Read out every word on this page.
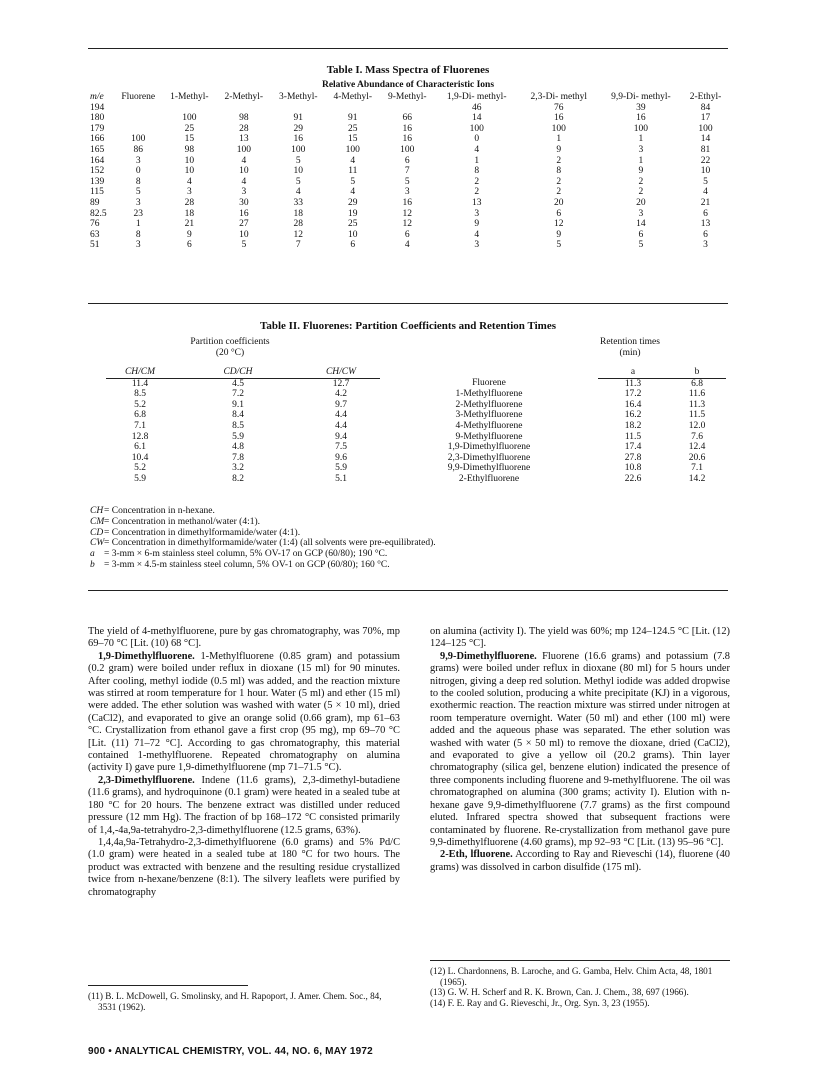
Table I. Mass Spectra of Fluorenes
Relative Abundance of Characteristic Ions
m/e	Fluorene	1-Methyl-	2-Methyl-	3-Methyl-	4-Methyl-	9-Methyl-	1,9-Di- methyl-	2,3-Di- methyl	9,9-Di- methyl-	2-Ethyl-
194							46	76	39	84
180		100	98	91	91	66	14	16	16	17
179		25	28	29	25	16	100	100	100	100
166	100	15	13	16	15	16	0	1	1	14
165	86	98	100	100	100	100	4	9	3	81
164	3	10	4	5	4	6	1	2	1	22
152	0	10	10	10	11	7	8	8	9	10
139	8	4	4	5	5	5	2	2	2	5
115	5	3	3	4	4	3	2	2	2	4
89	3	28	30	33	29	16	13	20	20	21
82.5	23	18	16	18	19	12	3	6	3	6
76	1	21	27	28	25	12	9	12	14	13
63	8	9	10	12	10	6	4	9	6	6
51	3	6	5	7	6	4	3	5	5	3
Table II. Fluorenes: Partition Coefficients and Retention Times
Partition coefficients
(20 °C)
Retention times
(min)
CH/CM	CD/CH	CH/CW		a	b
11.4	4.5	12.7	Fluorene	11.3	6.8
8.5	7.2	4.2	1-Methylfluorene	17.2	11.6
5.2	9.1	9.7	2-Methylfluorene	16.4	11.3
6.8	8.4	4.4	3-Methylfluorene	16.2	11.5
7.1	8.5	4.4	4-Methylfluorene	18.2	12.0
12.8	5.9	9.4	9-Methylfluorene	11.5	7.6
6.1	4.8	7.5	1,9-Dimethylfluorene	17.4	12.4
10.4	7.8	9.6	2,3-Dimethylfluorene	27.8	20.6
5.2	3.2	5.9	9,9-Dimethylfluorene	10.8	7.1
5.9	8.2	5.1	2-Ethylfluorene	22.6	14.2
CH= Concentration in n-hexane.
CM= Concentration in methanol/water (4:1).
CD= Concentration in dimethylformamide/water (4:1).
CW= Concentration in dimethylformamide/water (1:4) (all solvents were pre-equilibrated).
a = 3-mm × 6-m stainless steel column, 5% OV-17 on GCP (60/80); 190 °C.
b = 3-mm × 4.5-m stainless steel column, 5% OV-1 on GCP (60/80); 160 °C.

The yield of 4-methylfluorene, pure by gas chromatography, was 70%, mp 69–70 °C [Lit. (10) 68 °C].

1,9-Dimethylfluorene. 1-Methylfluorene (0.85 gram) and potassium (0.2 gram) were boiled under reflux in dioxane (15 ml) for 90 minutes. After cooling, methyl iodide (0.5 ml) was added, and the reaction mixture was stirred at room temperature for 1 hour. Water (5 ml) and ether (15 ml) were added. The ether solution was washed with water (5 × 10 ml), dried (CaCl2), and evaporated to give an orange solid (0.66 gram), mp 61–63 °C. Crystallization from ethanol gave a first crop (95 mg), mp 69–70 °C [Lit. (11) 71–72 °C]. According to gas chromatography, this material contained 1-methylfluorene. Repeated chromatography on alumina (activity I) gave pure 1,9-dimethylfluorene (mp 71–71.5 °C).

2,3-Dimethylfluorene. Indene (11.6 grams), 2,3-dimethyl-butadiene (11.6 grams), and hydroquinone (0.1 gram) were heated in a sealed tube at 180 °C for 20 hours. The benzene extract was distilled under reduced pressure (12 mm Hg). The fraction of bp 168–172 °C consisted primarily of 1,4,-4a,9a-tetrahydro-2,3-dimethylfluorene (12.5 grams, 63%).

1,4,4a,9a-Tetrahydro-2,3-dimethylfluorene (6.0 grams) and 5% Pd/C (1.0 gram) were heated in a sealed tube at 180 °C for two hours. The product was extracted with benzene and the resulting residue crystallized twice from n-hexane/benzene (8:1). The silvery leaflets were purified by chromatography

(11) B. L. McDowell, G. Smolinsky, and H. Rapoport, J. Amer. Chem. Soc., 84, 3531 (1962).

on alumina (activity I). The yield was 60%; mp 124–124.5 °C [Lit. (12) 124–125 °C].

9,9-Dimethylfluorene. Fluorene (16.6 grams) and potassium (7.8 grams) were boiled under reflux in dioxane (80 ml) for 5 hours under nitrogen, giving a deep red solution. Methyl iodide was added dropwise to the cooled solution, producing a white precipitate (KJ) in a vigorous, exothermic reaction. The reaction mixture was stirred under nitrogen at room temperature overnight. Water (50 ml) and ether (100 ml) were added and the aqueous phase was separated. The ether solution was washed with water (5 × 50 ml) to remove the dioxane, dried (CaCl2), and evaporated to give a yellow oil (20.2 grams). Thin layer chromatography (silica gel, benzene elution) indicated the presence of three components including fluorene and 9-methylfluorene. The oil was chromatographed on alumina (300 grams; activity I). Elution with n-hexane gave 9,9-dimethylfluorene (7.7 grams) as the first compound eluted. Infrared spectra showed that subsequent fractions were contaminated by fluorene. Re-crystallization from methanol gave pure 9,9-dimethylfluorene (4.60 grams), mp 92–93 °C [Lit. (13) 95–96 °C].

2-Eth, lfluorene. According to Ray and Rieveschi (14), fluorene (40 grams) was dissolved in carbon disulfide (175 ml).

(12) L. Chardonnens, B. Laroche, and G. Gamba, Helv. Chim Acta, 48, 1801 (1965).

(13) G. W. H. Scherf and R. K. Brown, Can. J. Chem., 38, 697 (1966).

(14) F. E. Ray and G. Rieveschi, Jr., Org. Syn. 3, 23 (1955).

900 • ANALYTICAL CHEMISTRY, VOL. 44, NO. 6, MAY 1972
